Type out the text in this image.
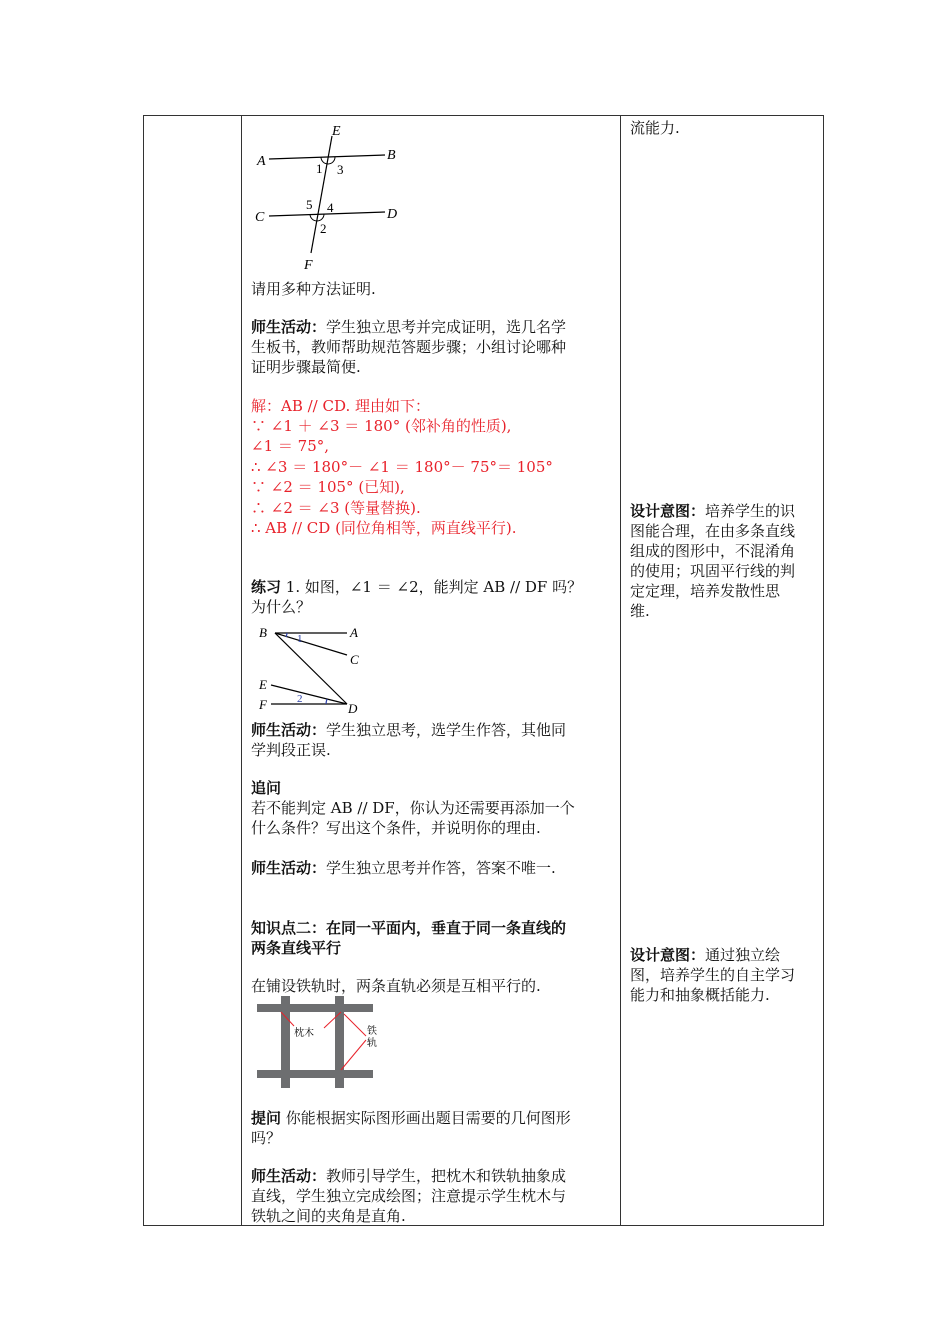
E
A	B
1 3
5 4
C	D
2
F

请用多种方法证明.

师生活动：学生独立思考并完成证明，选几名学

生板书，教师帮助规范答题步骤；小组讨论哪种

证明步骤最简便.

解：AB // CD. 理由如下：

∵ ∠1 ＋ ∠3 ＝ 180° (邻补角的性质),

∠1 ＝ 75°,

∴ ∠3 ＝ 180°－ ∠1 ＝ 180°－ 75°＝ 105°

∵ ∠2 ＝ 105° (已知),

∴ ∠2 ＝ ∠3 (等量替换).

∴ AB // CD (同位角相等，两直线平行).

练习 1. 如图，∠1 ＝ ∠2，能判定 AB // DF 吗？

为什么？

B	A
1
C
E
2
F	D

师生活动：学生独立思考，选学生作答，其他同

学判段正误.

追问

若不能判定 AB // DF，你认为还需要再添加一个

什么条件？写出这个条件，并说明你的理由.

师生活动：学生独立思考并作答，答案不唯一.

知识点二：在同一平面内，垂直于同一条直线的

两条直线平行

在铺设铁轨时，两条直轨必须是互相平行的.

枕木	铁
轨

提问 你能根据实际图形画出题目需要的几何图形

吗？

师生活动：教师引导学生，把枕木和铁轨抽象成

直线，学生独立完成绘图；注意提示学生枕木与

铁轨之间的夹角是直角.

流能力.

设计意图：培养学生的识

图能合理，在由多条直线

组成的图形中，不混淆角

的使用；巩固平行线的判

定定理，培养发散性思

维.

设计意图：通过独立绘

图，培养学生的自主学习

能力和抽象概括能力.
